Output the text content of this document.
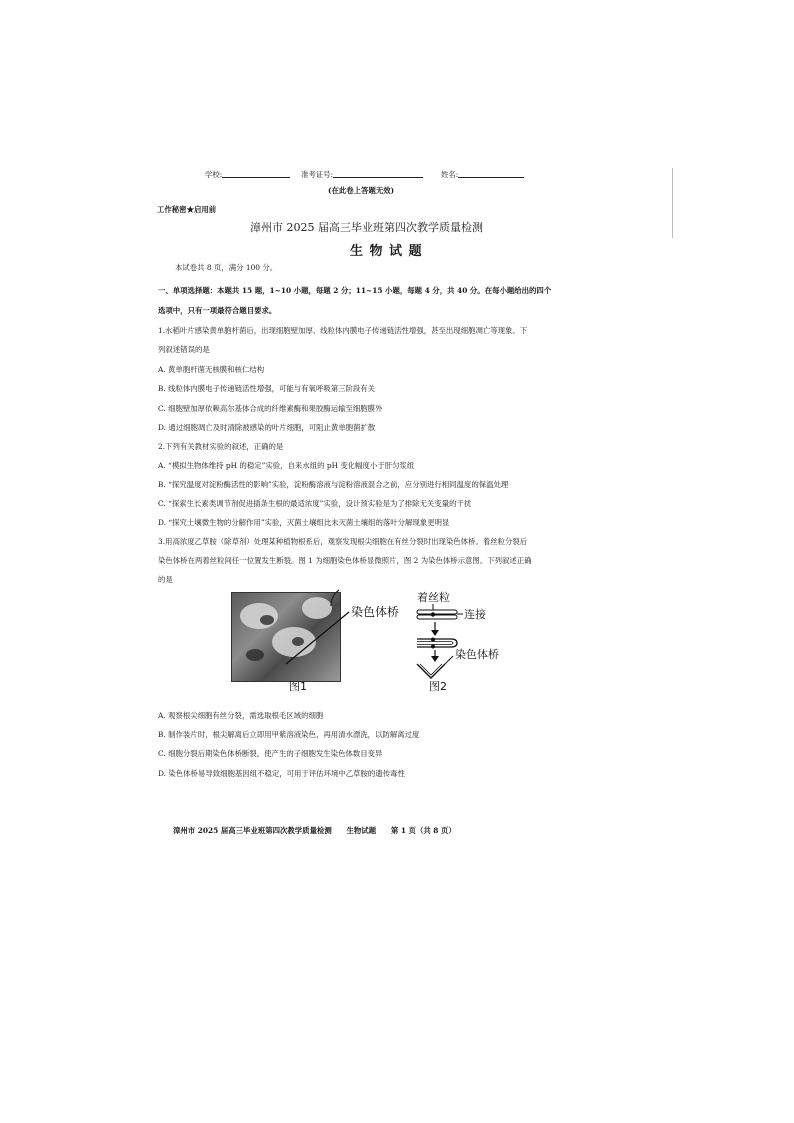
学校:	准考证号:	姓名:
(在此卷上答题无效)
工作秘密★启用前
漳州市 2025 届高三毕业班第四次教学质量检测
生 物 试 题
本试卷共 8 页，满分 100 分。
一、单项选择题：本题共 15 题，1~10 小题，每题 2 分；11~15 小题，每题 4 分，共 40 分。在每小题给出的四个
选项中，只有一项最符合题目要求。
1.水稻叶片感染黄单胞杆菌后，出现细胞壁加厚、线粒体内膜电子传递链活性增强，甚至出现细胞凋亡等现象。下
列叙述错误的是
A. 黄单胞杆菌无核膜和核仁结构
B. 线粒体内膜电子传递链活性增强，可能与有氧呼吸第三阶段有关
C. 细胞壁加厚依赖高尔基体合成的纤维素酶和果胶酶运输至细胞膜外
D. 通过细胞凋亡及时清除被感染的叶片细胞，可阻止黄单胞菌扩散
2.下列有关教材实验的叙述，正确的是
A. “模拟生物体维持 pH 的稳定”实验，自来水组的 pH 变化幅度小于肝匀浆组
B. “探究温度对淀粉酶活性的影响”实验，淀粉酶溶液与淀粉溶液混合之前，应分别进行相同温度的保温处理
C. “探索生长素类调节剂促进插条生根的最适浓度”实验，设计预实验是为了排除无关变量的干扰
D. “探究土壤微生物的分解作用”实验，灭菌土壤组比未灭菌土壤组的落叶分解现象更明显
3.用高浓度乙草胺（除草剂）处理某种植物根系后，观察发现根尖细胞在有丝分裂时出现染色体桥。着丝粒分裂后
染色体桥在两着丝粒间任一位置发生断裂。图 1 为细胞染色体桥显微照片，图 2 为染色体桥示意图。下列叙述正确
的是
染色体桥
图1
着丝粒
连接
染色体桥
图2
A. 观察根尖细胞有丝分裂，需选取根毛区域的细胞
B. 制作装片时，根尖解离后立即用甲紫溶液染色，再用清水漂洗，以防解离过度
C. 细胞分裂后期染色体桥断裂，使产生的子细胞发生染色体数目变异
D. 染色体桥易导致细胞基因组不稳定，可用于评估环境中乙草胺的遗传毒性
漳州市 2025 届高三毕业班第四次教学质量检测　　生物试题　　第 1 页（共 8 页）
